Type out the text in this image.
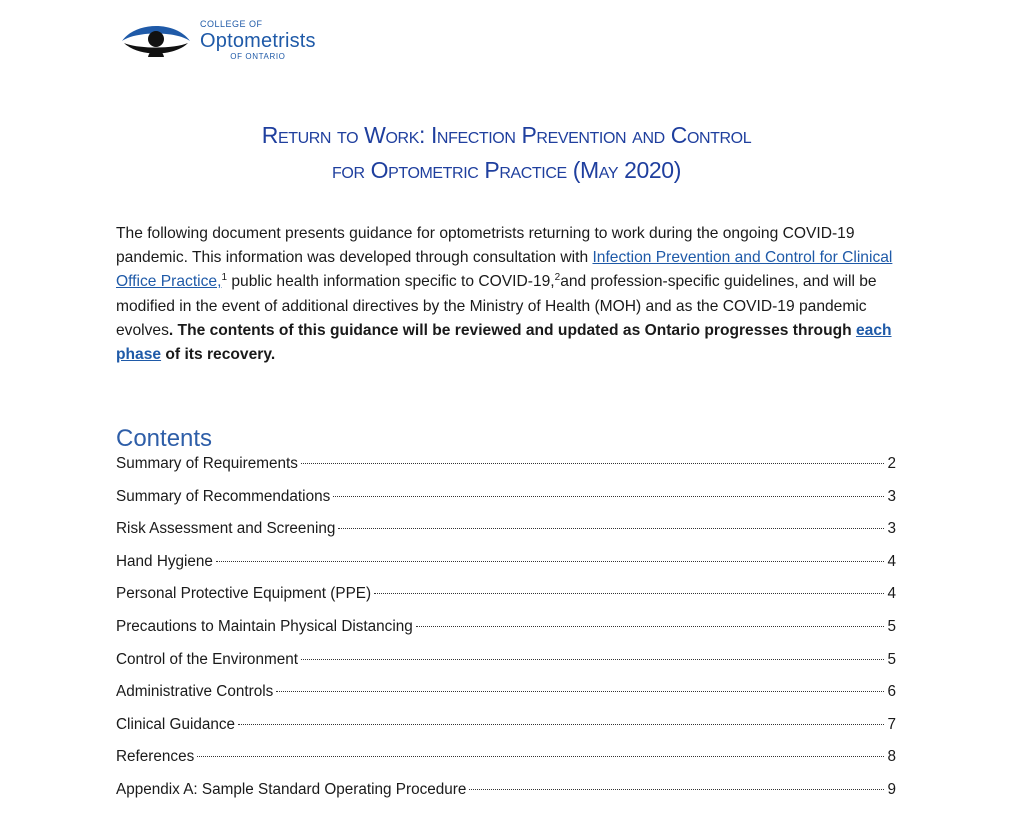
COLLEGE OF
Optometrists
OF ONTARIO
Return to Work: Infection Prevention and Control
for Optometric Practice (May 2020)
The following document presents guidance for optometrists returning to work during the ongoing COVID-19 pandemic. This information was developed through consultation with Infection Prevention and Control for Clinical Office Practice,$^1$ public health information specific to COVID-19,$^2$and profession-specific guidelines, and will be modified in the event of additional directives by the Ministry of Health (MOH) and as the COVID-19 pandemic evolves. The contents of this guidance will be reviewed and updated as Ontario progresses through each phase of its recovery.
Contents
Summary of Requirements	2
Summary of Recommendations	3
Risk Assessment and Screening	3
Hand Hygiene	4
Personal Protective Equipment (PPE)	4
Precautions to Maintain Physical Distancing	5
Control of the Environment	5
Administrative Controls	6
Clinical Guidance	7
References	8
Appendix A: Sample Standard Operating Procedure	9
